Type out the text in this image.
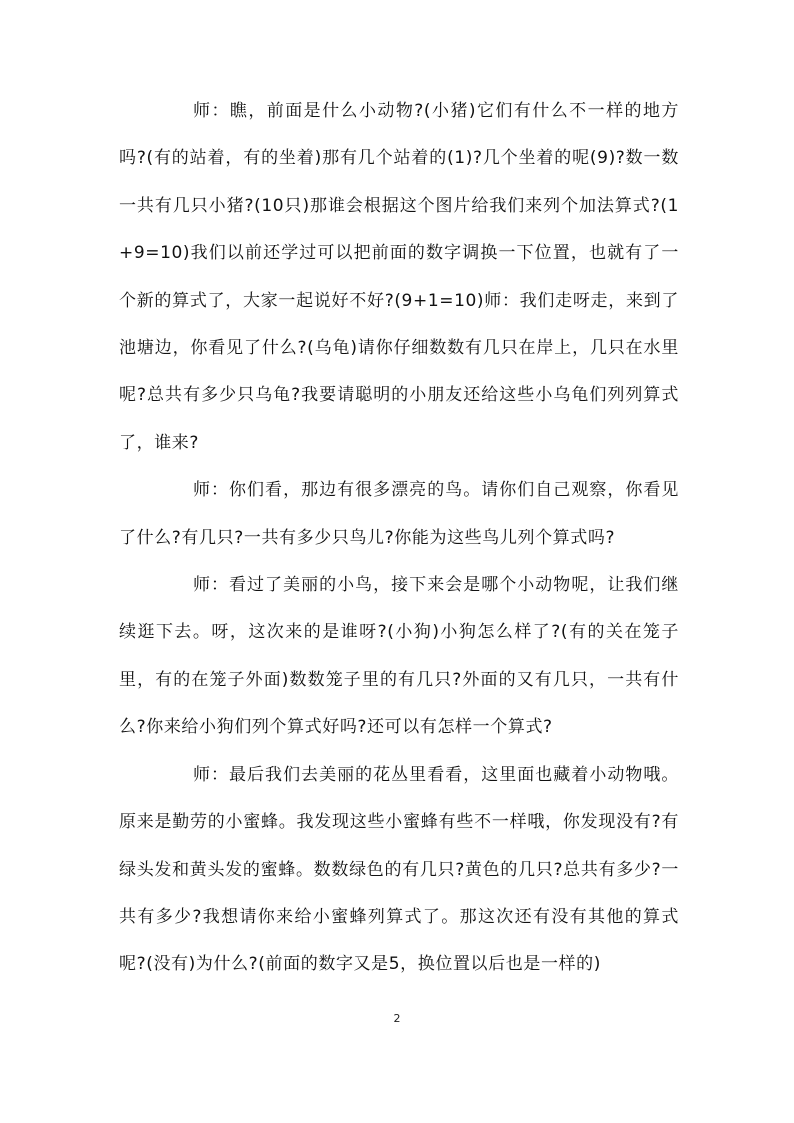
师：瞧，前面是什么小动物?(小猪)它们有什么不一样的地方吗?(有的站着，有的坐着)那有几个站着的(1)?几个坐着的呢(9)?数一数一共有几只小猪?(10只)那谁会根据这个图片给我们来列个加法算式?(1+9=10)我们以前还学过可以把前面的数字调换一下位置，也就有了一个新的算式了，大家一起说好不好?(9+1=10)师：我们走呀走，来到了池塘边，你看见了什么?(乌龟)请你仔细数数有几只在岸上，几只在水里呢?总共有多少只乌龟?我要请聪明的小朋友还给这些小乌龟们列列算式了，谁来?

师：你们看，那边有很多漂亮的鸟。请你们自己观察，你看见了什么?有几只?一共有多少只鸟儿?你能为这些鸟儿列个算式吗?

师：看过了美丽的小鸟，接下来会是哪个小动物呢，让我们继续逛下去。呀，这次来的是谁呀?(小狗)小狗怎么样了?(有的关在笼子里，有的在笼子外面)数数笼子里的有几只?外面的又有几只，一共有什么?你来给小狗们列个算式好吗?还可以有怎样一个算式?

师：最后我们去美丽的花丛里看看，这里面也藏着小动物哦。原来是勤劳的小蜜蜂。我发现这些小蜜蜂有些不一样哦，你发现没有?有绿头发和黄头发的蜜蜂。数数绿色的有几只?黄色的几只?总共有多少?一共有多少?我想请你来给小蜜蜂列算式了。那这次还有没有其他的算式呢?(没有)为什么?(前面的数字又是5，换位置以后也是一样的)

2
